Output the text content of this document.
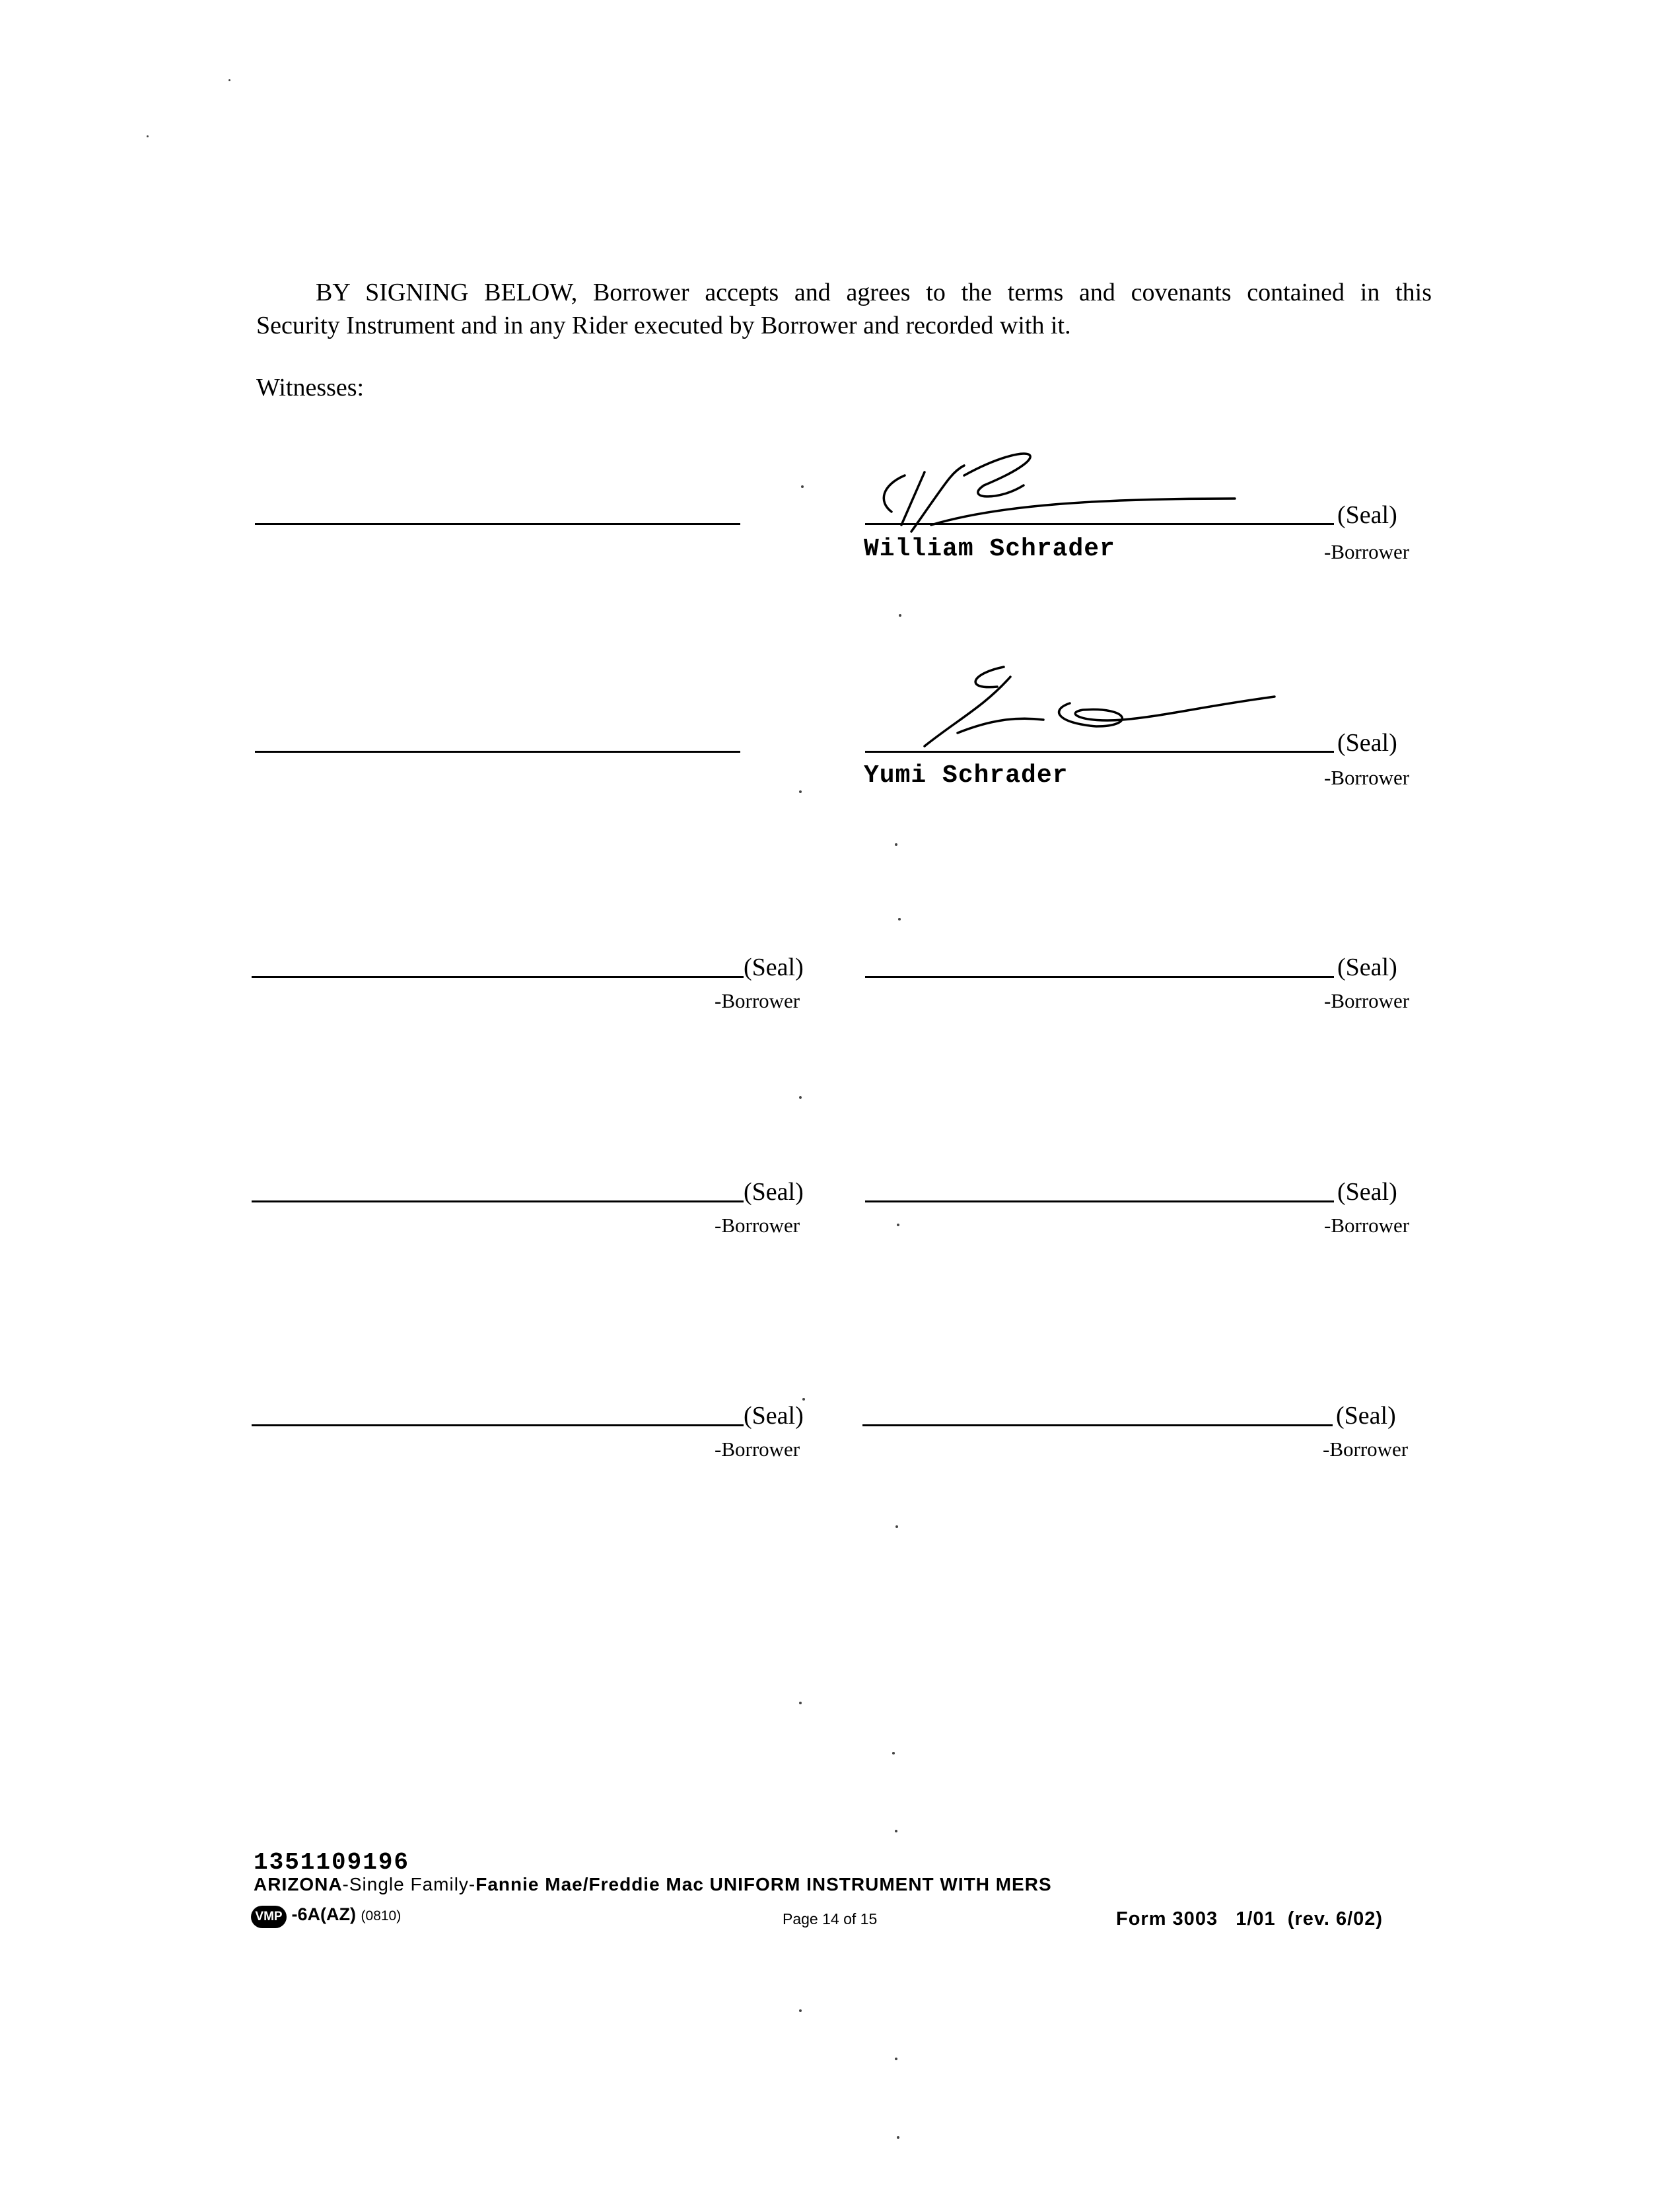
BY SIGNING BELOW, Borrower accepts and agrees to the terms and covenants contained in this
Security Instrument and in any Rider executed by Borrower and recorded with it.
Witnesses:
(Seal)
William Schrader	-Borrower
(Seal)
Yumi Schrader	-Borrower
(Seal)
-Borrower
(Seal)
-Borrower
(Seal)
-Borrower
(Seal)
-Borrower
(Seal)
-Borrower
(Seal)
-Borrower
1351109196
ARIZONA-Single Family-Fannie Mae/Freddie Mac UNIFORM INSTRUMENT WITH MERS
VMP -6A(AZ) (0810)	Page 14 of 15	Form 3003   1/01  (rev. 6/02)
